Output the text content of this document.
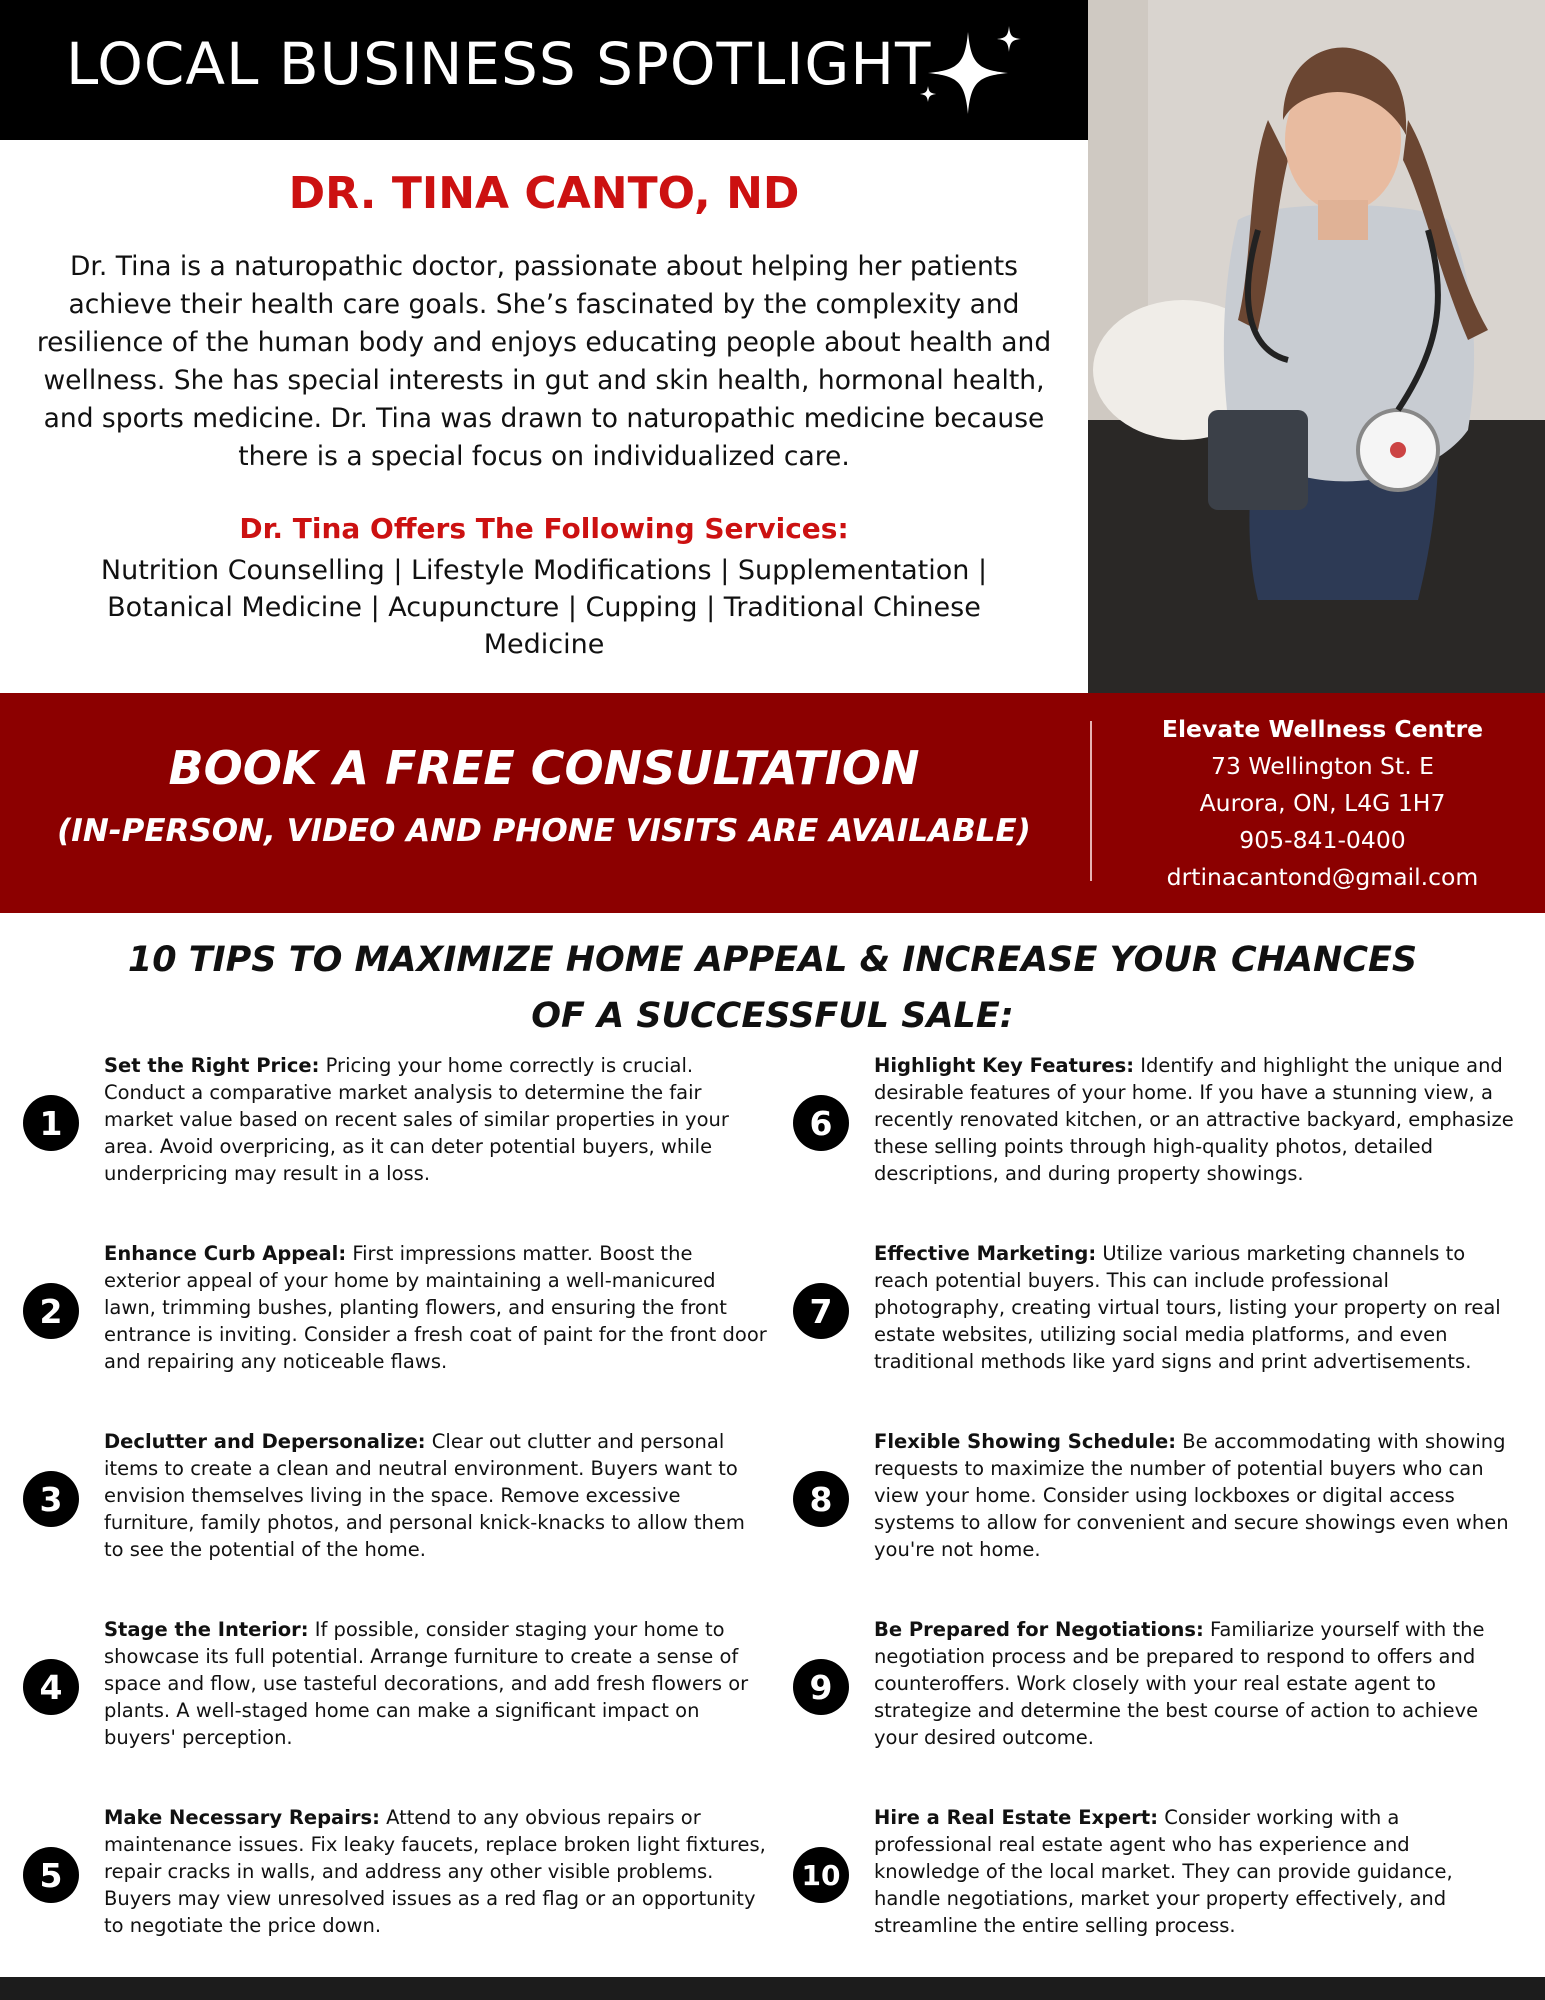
LOCAL BUSINESS SPOTLIGHT
DR. TINA CANTO, ND
Dr. Tina is a naturopathic doctor, passionate about helping her patients achieve their health care goals. She’s fascinated by the complexity and resilience of the human body and enjoys educating people about health and wellness. She has special interests in gut and skin health, hormonal health, and sports medicine. Dr. Tina was drawn to naturopathic medicine because there is a special focus on individualized care.
Dr. Tina Offers The Following Services:
Nutrition Counselling | Lifestyle Modifications | Supplementation | Botanical Medicine | Acupuncture | Cupping | Traditional Chinese Medicine
BOOK A FREE CONSULTATION
(IN-PERSON, VIDEO AND PHONE VISITS ARE AVAILABLE)
Elevate Wellness Centre
73 Wellington St. E
Aurora, ON, L4G 1H7
905-841-0400
drtinacantond@gmail.com
10 TIPS TO MAXIMIZE HOME APPEAL & INCREASE YOUR CHANCES
OF A SUCCESSFUL SALE:
1
Set the Right Price: Pricing your home correctly is crucial. Conduct a comparative market analysis to determine the fair market value based on recent sales of similar properties in your area. Avoid overpricing, as it can deter potential buyers, while underpricing may result in a loss.
2
Enhance Curb Appeal: First impressions matter. Boost the exterior appeal of your home by maintaining a well-manicured lawn, trimming bushes, planting flowers, and ensuring the front entrance is inviting. Consider a fresh coat of paint for the front door and repairing any noticeable flaws.
3
Declutter and Depersonalize: Clear out clutter and personal items to create a clean and neutral environment. Buyers want to envision themselves living in the space. Remove excessive furniture, family photos, and personal knick-knacks to allow them to see the potential of the home.
4
Stage the Interior: If possible, consider staging your home to showcase its full potential. Arrange furniture to create a sense of space and flow, use tasteful decorations, and add fresh flowers or plants. A well-staged home can make a significant impact on buyers' perception.
5
Make Necessary Repairs: Attend to any obvious repairs or maintenance issues. Fix leaky faucets, replace broken light fixtures, repair cracks in walls, and address any other visible problems. Buyers may view unresolved issues as a red flag or an opportunity to negotiate the price down.
6
Highlight Key Features: Identify and highlight the unique and desirable features of your home. If you have a stunning view, a recently renovated kitchen, or an attractive backyard, emphasize these selling points through high-quality photos, detailed descriptions, and during property showings.
7
Effective Marketing: Utilize various marketing channels to reach potential buyers. This can include professional photography, creating virtual tours, listing your property on real estate websites, utilizing social media platforms, and even traditional methods like yard signs and print advertisements.
8
Flexible Showing Schedule: Be accommodating with showing requests to maximize the number of potential buyers who can view your home. Consider using lockboxes or digital access systems to allow for convenient and secure showings even when you're not home.
9
Be Prepared for Negotiations: Familiarize yourself with the negotiation process and be prepared to respond to offers and counteroffers. Work closely with your real estate agent to strategize and determine the best course of action to achieve your desired outcome.
10
Hire a Real Estate Expert: Consider working with a professional real estate agent who has experience and knowledge of the local market. They can provide guidance, handle negotiations, market your property effectively, and streamline the entire selling process.
